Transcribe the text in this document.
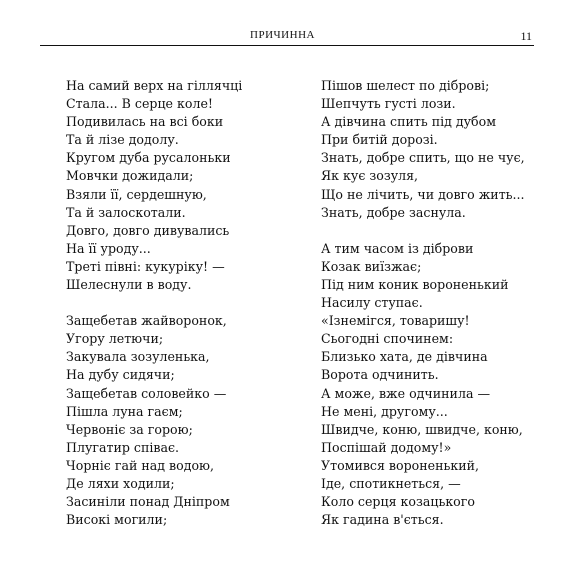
ПРИЧИННА	11
На самий верх на гіллячці
Стала... В серце коле!
Подивилась на всі боки
Та й лізе додолу.
Кругом дуба русалоньки
Мовчки дожидали;
Взяли її, сердешную,
Та й залоскотали.
Довго, довго дивувались
На її уроду...
Треті півні: кукуріку! —
Шелеснули в воду.
Защебетав жайворонок,
Угору летючи;
Закувала зозуленька,
На дубу сидячи;
Защебетав соловейко —
Пішла луна гаєм;
Червоніє за горою;
Плугатир співає.
Чорніє гай над водою,
Де ляхи ходили;
Засиніли понад Дніпром
Високі могили;
Пішов шелест по діброві;
Шепчуть густі лози.
А дівчина спить під дубом
При битій дорозі.
Знать, добре спить, що не чує,
Як кує зозуля,
Що не лічить, чи довго жить...
Знать, добре заснула.
А тим часом із діброви
Козак виїзжає;
Під ним коник вороненький
Насилу ступає.
«Ізнемігся, товаришу!
Сьогодні спочинем:
Близько хата, де дівчина
Ворота одчинить.
А може, вже одчинила —
Не мені, другому...
Швидче, коню, швидче, коню,
Поспішай додому!»
Утомився вороненький,
Іде, спотикнеться, —
Коло серця козацького
Як гадина в'ється.
